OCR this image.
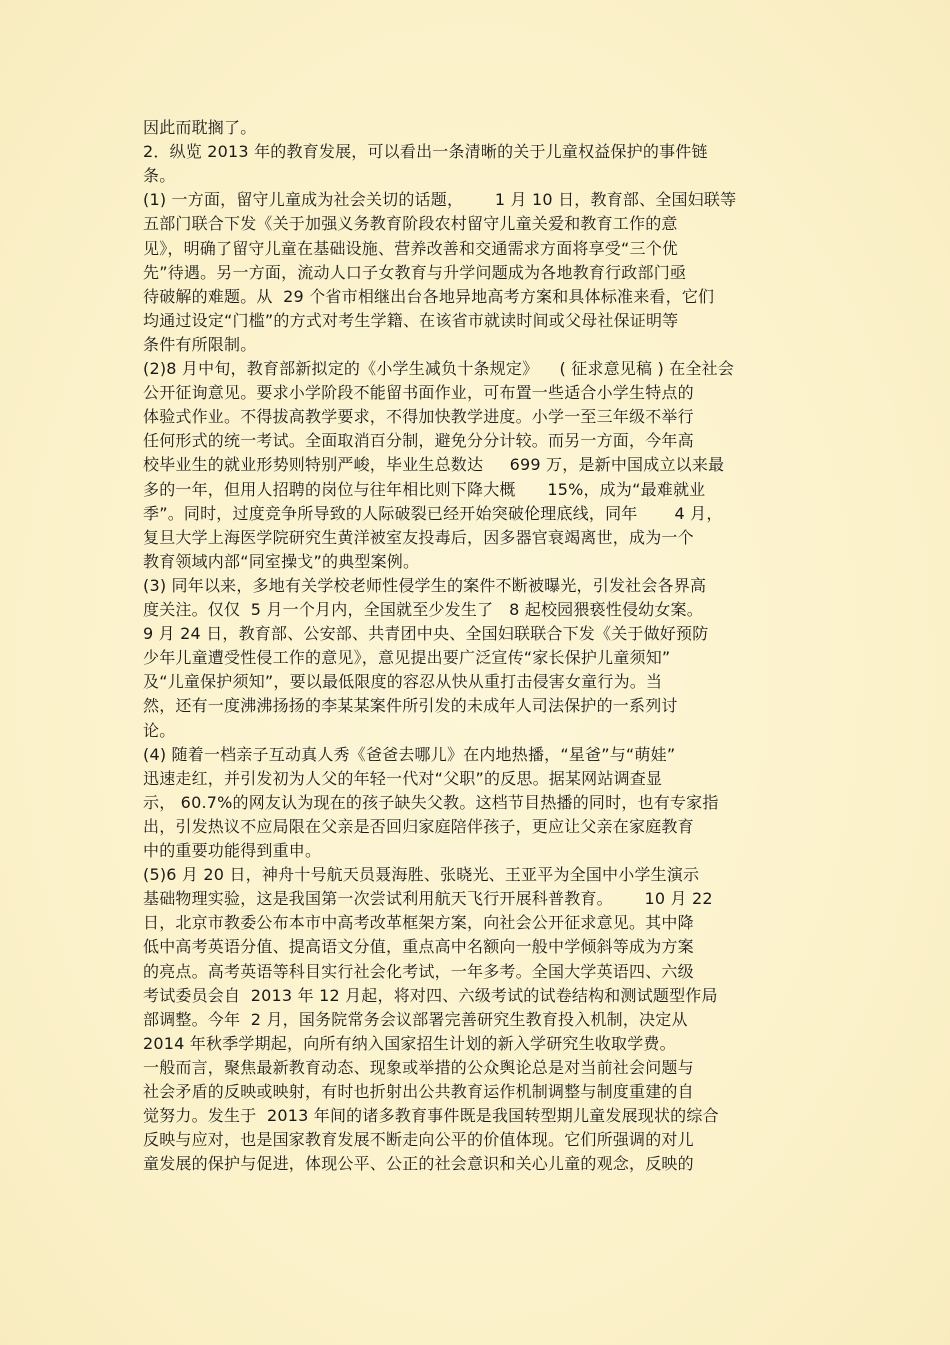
因此而耽搁了。
2．纵览 2013 年的教育发展，可以看出一条清晰的关于儿童权益保护的事件链
条。
(1) 一方面，留守儿童成为社会关切的话题，      1 月 10 日，教育部、全国妇联等
五部门联合下发《关于加强义务教育阶段农村留守儿童关爱和教育工作的意
见》，明确了留守儿童在基础设施、营养改善和交通需求方面将享受“三个优
先”待遇。另一方面，流动人口子女教育与升学问题成为各地教育行政部门亟
待破解的难题。从  29 个省市相继出台各地异地高考方案和具体标准来看，它们
均通过设定“门槛”的方式对考生学籍、在该省市就读时间或父母社保证明等
条件有所限制。
(2)8 月中旬，教育部新拟定的《小学生减负十条规定》    ( 征求意见稿 ) 在全社会
公开征询意见。要求小学阶段不能留书面作业，可布置一些适合小学生特点的
体验式作业。不得拔高教学要求，不得加快教学进度。小学一至三年级不举行
任何形式的统一考试。全面取消百分制，避免分分计较。而另一方面，今年高
校毕业生的就业形势则特别严峻，毕业生总数达     699 万，是新中国成立以来最
多的一年，但用人招聘的岗位与往年相比则下降大概      15%，成为“最难就业
季”。同时，过度竞争所导致的人际破裂已经开始突破伦理底线，同年       4 月，
复旦大学上海医学院研究生黄洋被室友投毒后，因多器官衰竭离世，成为一个
教育领域内部“同室操戈”的典型案例。
(3) 同年以来，多地有关学校老师性侵学生的案件不断被曝光，引发社会各界高
度关注。仅仅  5 月一个月内，全国就至少发生了   8 起校园猥亵性侵幼女案。
9 月 24 日，教育部、公安部、共青团中央、全国妇联联合下发《关于做好预防
少年儿童遭受性侵工作的意见》，意见提出要广泛宣传“家长保护儿童须知”
及“儿童保护须知”，要以最低限度的容忍从快从重打击侵害女童行为。当
然，还有一度沸沸扬扬的李某某案件所引发的未成年人司法保护的一系列讨
论。
(4) 随着一档亲子互动真人秀《爸爸去哪儿》在内地热播，“星爸”与“萌娃”
迅速走红，并引发初为人父的年轻一代对“父职”的反思。据某网站调查显
示， 60.7%的网友认为现在的孩子缺失父教。这档节目热播的同时，也有专家指
出，引发热议不应局限在父亲是否回归家庭陪伴孩子，更应让父亲在家庭教育
中的重要功能得到重申。
(5)6 月 20 日，神舟十号航天员聂海胜、张晓光、王亚平为全国中小学生演示
基础物理实验，这是我国第一次尝试利用航天飞行开展科普教育。      10 月 22
日，北京市教委公布本市中高考改革框架方案，向社会公开征求意见。其中降
低中高考英语分值、提高语文分值，重点高中名额向一般中学倾斜等成为方案
的亮点。高考英语等科目实行社会化考试，一年多考。全国大学英语四、六级
考试委员会自  2013 年 12 月起，将对四、六级考试的试卷结构和测试题型作局
部调整。今年  2 月，国务院常务会议部署完善研究生教育投入机制，决定从
2014 年秋季学期起，向所有纳入国家招生计划的新入学研究生收取学费。
一般而言，聚焦最新教育动态、现象或举措的公众舆论总是对当前社会问题与
社会矛盾的反映或映射，有时也折射出公共教育运作机制调整与制度重建的自
觉努力。发生于  2013 年间的诸多教育事件既是我国转型期儿童发展现状的综合
反映与应对，也是国家教育发展不断走向公平的价值体现。它们所强调的对儿
童发展的保护与促进，体现公平、公正的社会意识和关心儿童的观念，反映的
